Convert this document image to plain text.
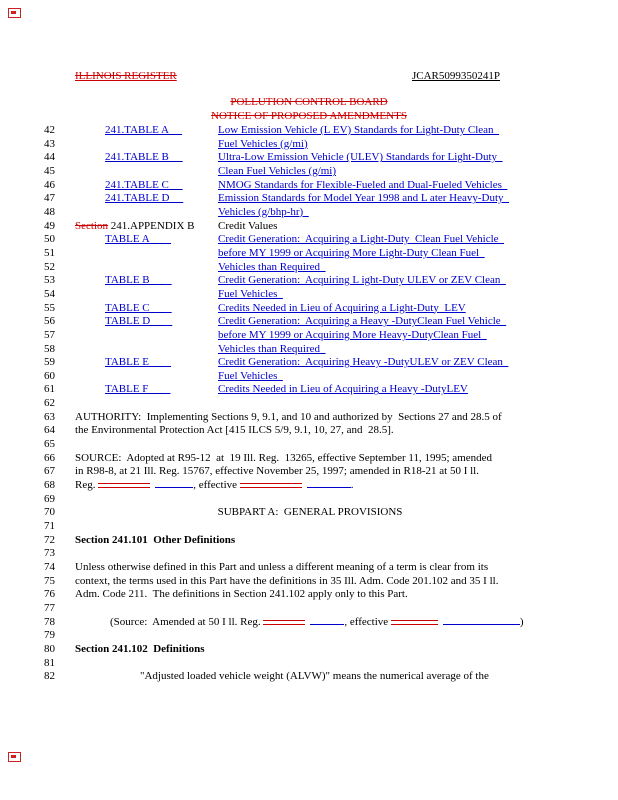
ILLINOIS REGISTER	JCAR5099350241P
POLLUTION CONTROL BOARD
NOTICE OF PROPOSED AMENDMENTS
42	241.TABLE A	Low Emission Vehicle (L EV) Standards for Light-Duty Clean
43	Fuel Vehicles (g/mi)
44	241.TABLE B	Ultra-Low Emission Vehicle (ULEV) Standards for Light-Duty
45	Clean Fuel Vehicles (g/mi)
46	241.TABLE C	NMOG Standards for Flexible-Fueled and Dual-Fueled Vehicles
47	241.TABLE D	Emission Standards for Model Year 1998 and L ater Heavy-Duty
48	Vehicles (g/bhp-hr)
49 Section 241.APPENDIX B Credit Values
50	TABLE A	Credit Generation:  Acquiring a Light-Duty  Clean Fuel Vehicle
51	before MY 1999 or Acquiring More Light-Duty Clean Fuel
52	Vehicles than Required
53	TABLE B	Credit Generation:  Acquiring L ight-Duty ULEV or ZEV Clean
54	Fuel Vehicles
55	TABLE C	Credits Needed in Lieu of Acquiring a Light-Duty  LEV
56	TABLE D	Credit Generation:  Acquiring a Heavy -DutyClean Fuel Vehicle
57	before MY 1999 or Acquiring More Heavy-DutyClean Fuel
58	Vehicles than Required
59	TABLE E	Credit Generation:  Acquiring Heavy -DutyULEV or ZEV Clean
60	Fuel Vehicles
61	TABLE F	Credits Needed in Lieu of Acquiring a Heavy -DutyLEV
62
63 AUTHORITY:  Implementing Sections 9, 9.1, and 10 and authorized by  Sections 27 and 28.5 of
64 the Environmental Protection Act [415 ILCS 5/9, 9.1, 10, 27, and  28.5].
65
66 SOURCE:  Adopted at R95-12  at  19 Ill. Reg.  13265, effective September 11, 1995; amended
67 in R98-8, at 21 Ill. Reg. 15767, effective November 25, 1997; amended in R18-21 at 50 I ll.
68 Reg.	, effective	.
69
70	SUBPART A:  GENERAL PROVISIONS
71
72 Section 241.101  Other Definitions
73
74 Unless otherwise defined in this Part and unless a different meaning of a term is clear from its
75 context, the terms used in this Part have the definitions in 35 Ill. Adm. Code 201.102 and 35 I ll.
76 Adm. Code 211.  The definitions in Section 241.102 apply only to this Part.
77
78	(Source:  Amended at 50 I ll. Reg.	, effective	)
79
80 Section 241.102  Definitions
81
82	"Adjusted loaded vehicle weight (ALVW)" means the numerical average of the
